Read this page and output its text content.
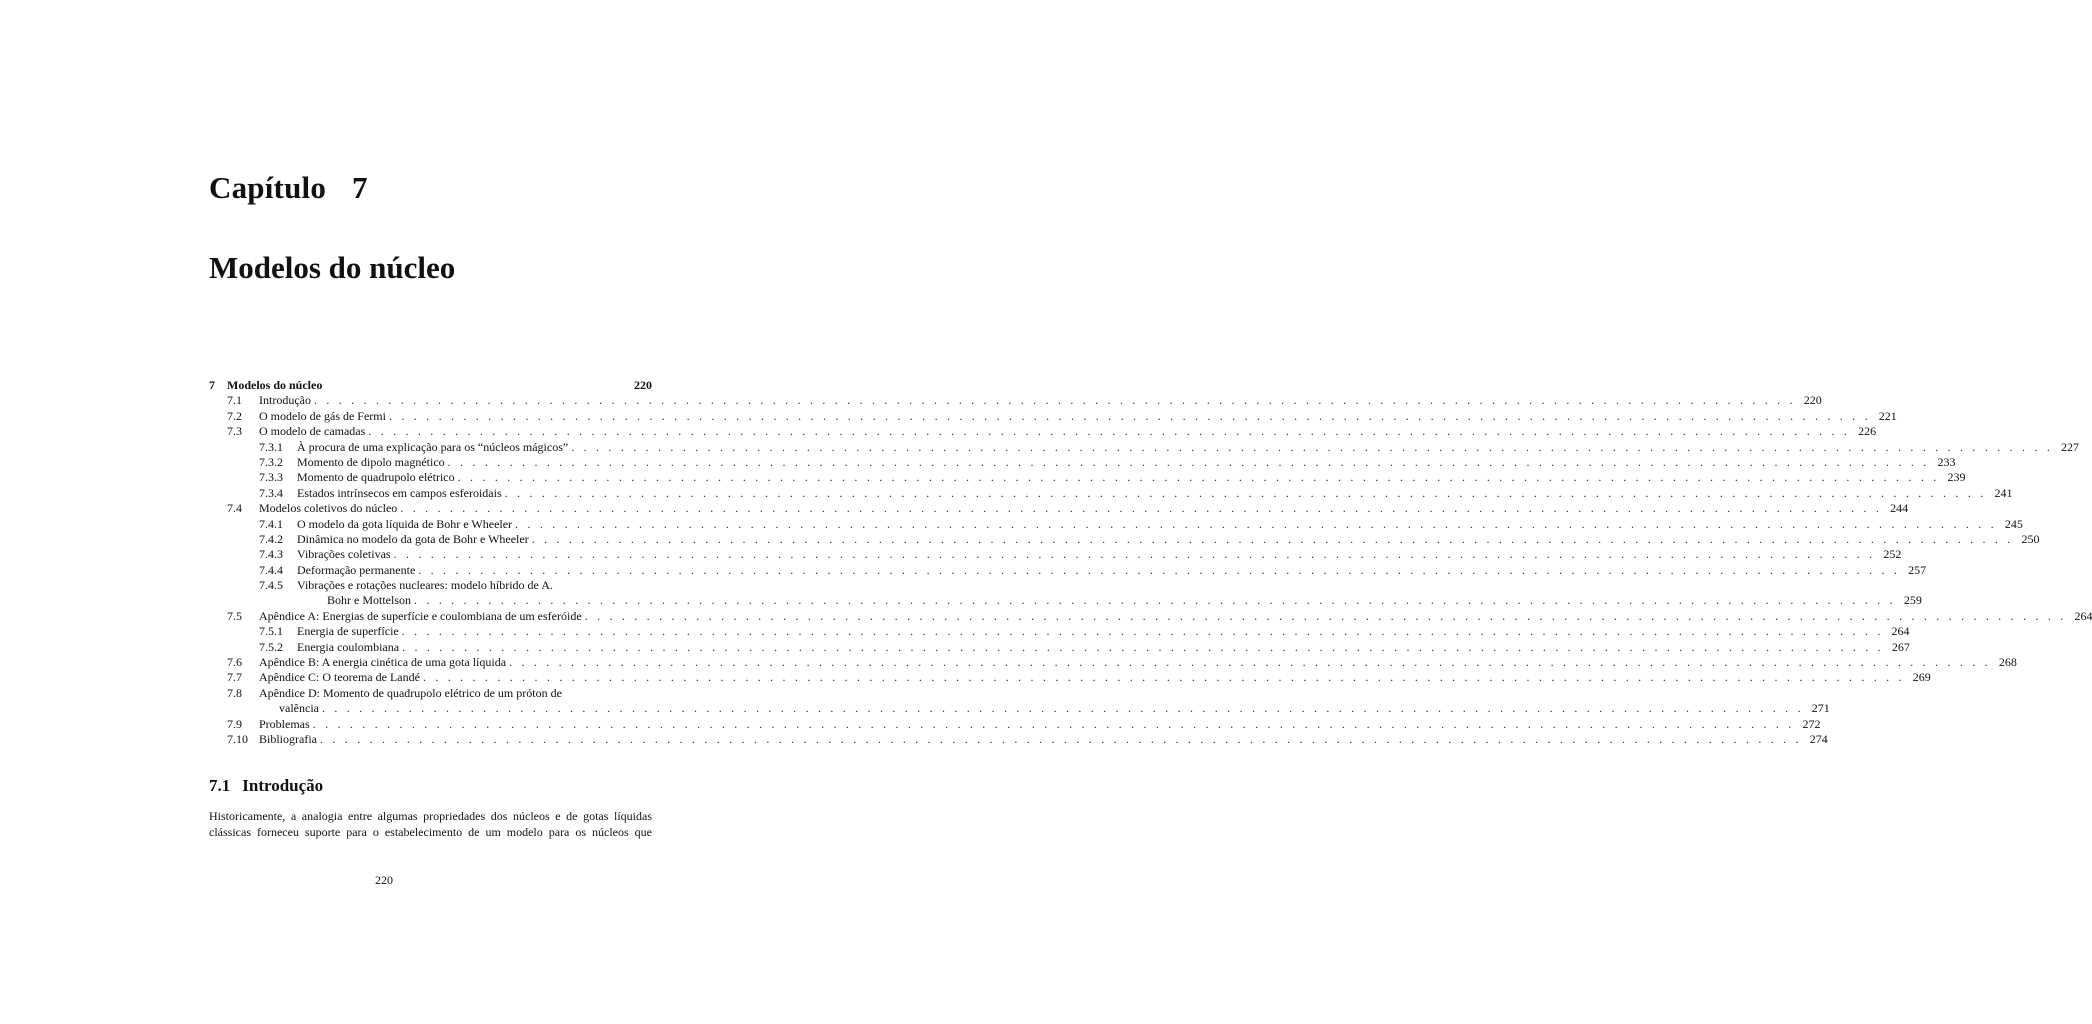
Capítulo 7
Modelos do núcleo
7 Modelos do núcleo	220
7.1 Introdução . . . . . . . . . . . . . . . . . . . . . . . . . . . . . . . . . . . . . . . . . . . . . . . . . . . . . . . . . . . . . . . . . . . . . . . . . . . . . . . . . . . . . . . . . . . . . . . . . . . . . . . . . . . . . . . . . . . . . . . . 220
7.2 O modelo de gás de Fermi . . . . . . . . . . . . . . . . . . . . . . . . . . . . . . . . . . . . . . . . . . . . . . . . . . . . . . . . . . . . . . . . . . . . . . . . . . . . . . . . . . . . . . . . . . . . . . . . . . . . . . . . . . . . . . . . . . . . . . . . 221
7.3 O modelo de camadas . . . . . . . . . . . . . . . . . . . . . . . . . . . . . . . . . . . . . . . . . . . . . . . . . . . . . . . . . . . . . . . . . . . . . . . . . . . . . . . . . . . . . . . . . . . . . . . . . . . . . . . . . . . . . . . . . . . . . . . . 226
7.3.1 À procura de uma explicação para os “núcleos mágicos” . . . . . . . . . . . . . . . . . . . . . . . . . . . . . . . . . . . . . . . . . . . . . . . . . . . . . . . . . . . . . . . . . . . . . . . . . . . . . . . . . . . . . . . . . . . . . . . . . . . . . . . . . . . . . . . . . . . . . . . . 227
7.3.2 Momento de dipolo magnético . . . . . . . . . . . . . . . . . . . . . . . . . . . . . . . . . . . . . . . . . . . . . . . . . . . . . . . . . . . . . . . . . . . . . . . . . . . . . . . . . . . . . . . . . . . . . . . . . . . . . . . . . . . . . . . . . . . . . . . . 233
7.3.3 Momento de quadrupolo elétrico . . . . . . . . . . . . . . . . . . . . . . . . . . . . . . . . . . . . . . . . . . . . . . . . . . . . . . . . . . . . . . . . . . . . . . . . . . . . . . . . . . . . . . . . . . . . . . . . . . . . . . . . . . . . . . . . . . . . . . . . 239
7.3.4 Estados intrínsecos em campos esferoidais . . . . . . . . . . . . . . . . . . . . . . . . . . . . . . . . . . . . . . . . . . . . . . . . . . . . . . . . . . . . . . . . . . . . . . . . . . . . . . . . . . . . . . . . . . . . . . . . . . . . . . . . . . . . . . . . . . . . . . . . 241
7.4 Modelos coletivos do núcleo . . . . . . . . . . . . . . . . . . . . . . . . . . . . . . . . . . . . . . . . . . . . . . . . . . . . . . . . . . . . . . . . . . . . . . . . . . . . . . . . . . . . . . . . . . . . . . . . . . . . . . . . . . . . . . . . . . . . . . . . 244
7.4.1 O modelo da gota líquida de Bohr e Wheeler . . . . . . . . . . . . . . . . . . . . . . . . . . . . . . . . . . . . . . . . . . . . . . . . . . . . . . . . . . . . . . . . . . . . . . . . . . . . . . . . . . . . . . . . . . . . . . . . . . . . . . . . . . . . . . . . . . . . . . . . 245
7.4.2 Dinâmica no modelo da gota de Bohr e Wheeler . . . . . . . . . . . . . . . . . . . . . . . . . . . . . . . . . . . . . . . . . . . . . . . . . . . . . . . . . . . . . . . . . . . . . . . . . . . . . . . . . . . . . . . . . . . . . . . . . . . . . . . . . . . . . . . . . . . . . . . . 250
7.4.3 Vibrações coletivas . . . . . . . . . . . . . . . . . . . . . . . . . . . . . . . . . . . . . . . . . . . . . . . . . . . . . . . . . . . . . . . . . . . . . . . . . . . . . . . . . . . . . . . . . . . . . . . . . . . . . . . . . . . . . . . . . . . . . . . . 252
7.4.4 Deformação permanente . . . . . . . . . . . . . . . . . . . . . . . . . . . . . . . . . . . . . . . . . . . . . . . . . . . . . . . . . . . . . . . . . . . . . . . . . . . . . . . . . . . . . . . . . . . . . . . . . . . . . . . . . . . . . . . . . . . . . . . . 257
7.4.5 Vibrações e rotações nucleares: modelo híbrido de A.
Bohr e Mottelson . . . . . . . . . . . . . . . . . . . . . . . . . . . . . . . . . . . . . . . . . . . . . . . . . . . . . . . . . . . . . . . . . . . . . . . . . . . . . . . . . . . . . . . . . . . . . . . . . . . . . . . . . . . . . . . . . . . . . . . . 259
7.5 Apêndice A: Energias de superfície e coulombiana de um esferóide . . . . . . . . . . . . . . . . . . . . . . . . . . . . . . . . . . . . . . . . . . . . . . . . . . . . . . . . . . . . . . . . . . . . . . . . . . . . . . . . . . . . . . . . . . . . . . . . . . . . . . . . . . . . . . . . . . . . . . . . 264
7.5.1 Energia de superfície . . . . . . . . . . . . . . . . . . . . . . . . . . . . . . . . . . . . . . . . . . . . . . . . . . . . . . . . . . . . . . . . . . . . . . . . . . . . . . . . . . . . . . . . . . . . . . . . . . . . . . . . . . . . . . . . . . . . . . . . 264
7.5.2 Energia coulombiana . . . . . . . . . . . . . . . . . . . . . . . . . . . . . . . . . . . . . . . . . . . . . . . . . . . . . . . . . . . . . . . . . . . . . . . . . . . . . . . . . . . . . . . . . . . . . . . . . . . . . . . . . . . . . . . . . . . . . . . . 267
7.6 Apêndice B: A energia cinética de uma gota líquida . . . . . . . . . . . . . . . . . . . . . . . . . . . . . . . . . . . . . . . . . . . . . . . . . . . . . . . . . . . . . . . . . . . . . . . . . . . . . . . . . . . . . . . . . . . . . . . . . . . . . . . . . . . . . . . . . . . . . . . . 268
7.7 Apêndice C: O teorema de Landé . . . . . . . . . . . . . . . . . . . . . . . . . . . . . . . . . . . . . . . . . . . . . . . . . . . . . . . . . . . . . . . . . . . . . . . . . . . . . . . . . . . . . . . . . . . . . . . . . . . . . . . . . . . . . . . . . . . . . . . . 269
7.8 Apêndice D: Momento de quadrupolo elétrico de um próton de
valência . . . . . . . . . . . . . . . . . . . . . . . . . . . . . . . . . . . . . . . . . . . . . . . . . . . . . . . . . . . . . . . . . . . . . . . . . . . . . . . . . . . . . . . . . . . . . . . . . . . . . . . . . . . . . . . . . . . . . . . . 271
7.9 Problemas . . . . . . . . . . . . . . . . . . . . . . . . . . . . . . . . . . . . . . . . . . . . . . . . . . . . . . . . . . . . . . . . . . . . . . . . . . . . . . . . . . . . . . . . . . . . . . . . . . . . . . . . . . . . . . . . . . . . . . . . 272
7.10 Bibliografia . . . . . . . . . . . . . . . . . . . . . . . . . . . . . . . . . . . . . . . . . . . . . . . . . . . . . . . . . . . . . . . . . . . . . . . . . . . . . . . . . . . . . . . . . . . . . . . . . . . . . . . . . . . . . . . . . . . . . . . . 274
7.1 Introdução
Historicamente, a analogia entre algumas propriedades dos núcleos e de gotas líquidas
clássicas forneceu suporte para o estabelecimento de um modelo para os núcleos que
220
